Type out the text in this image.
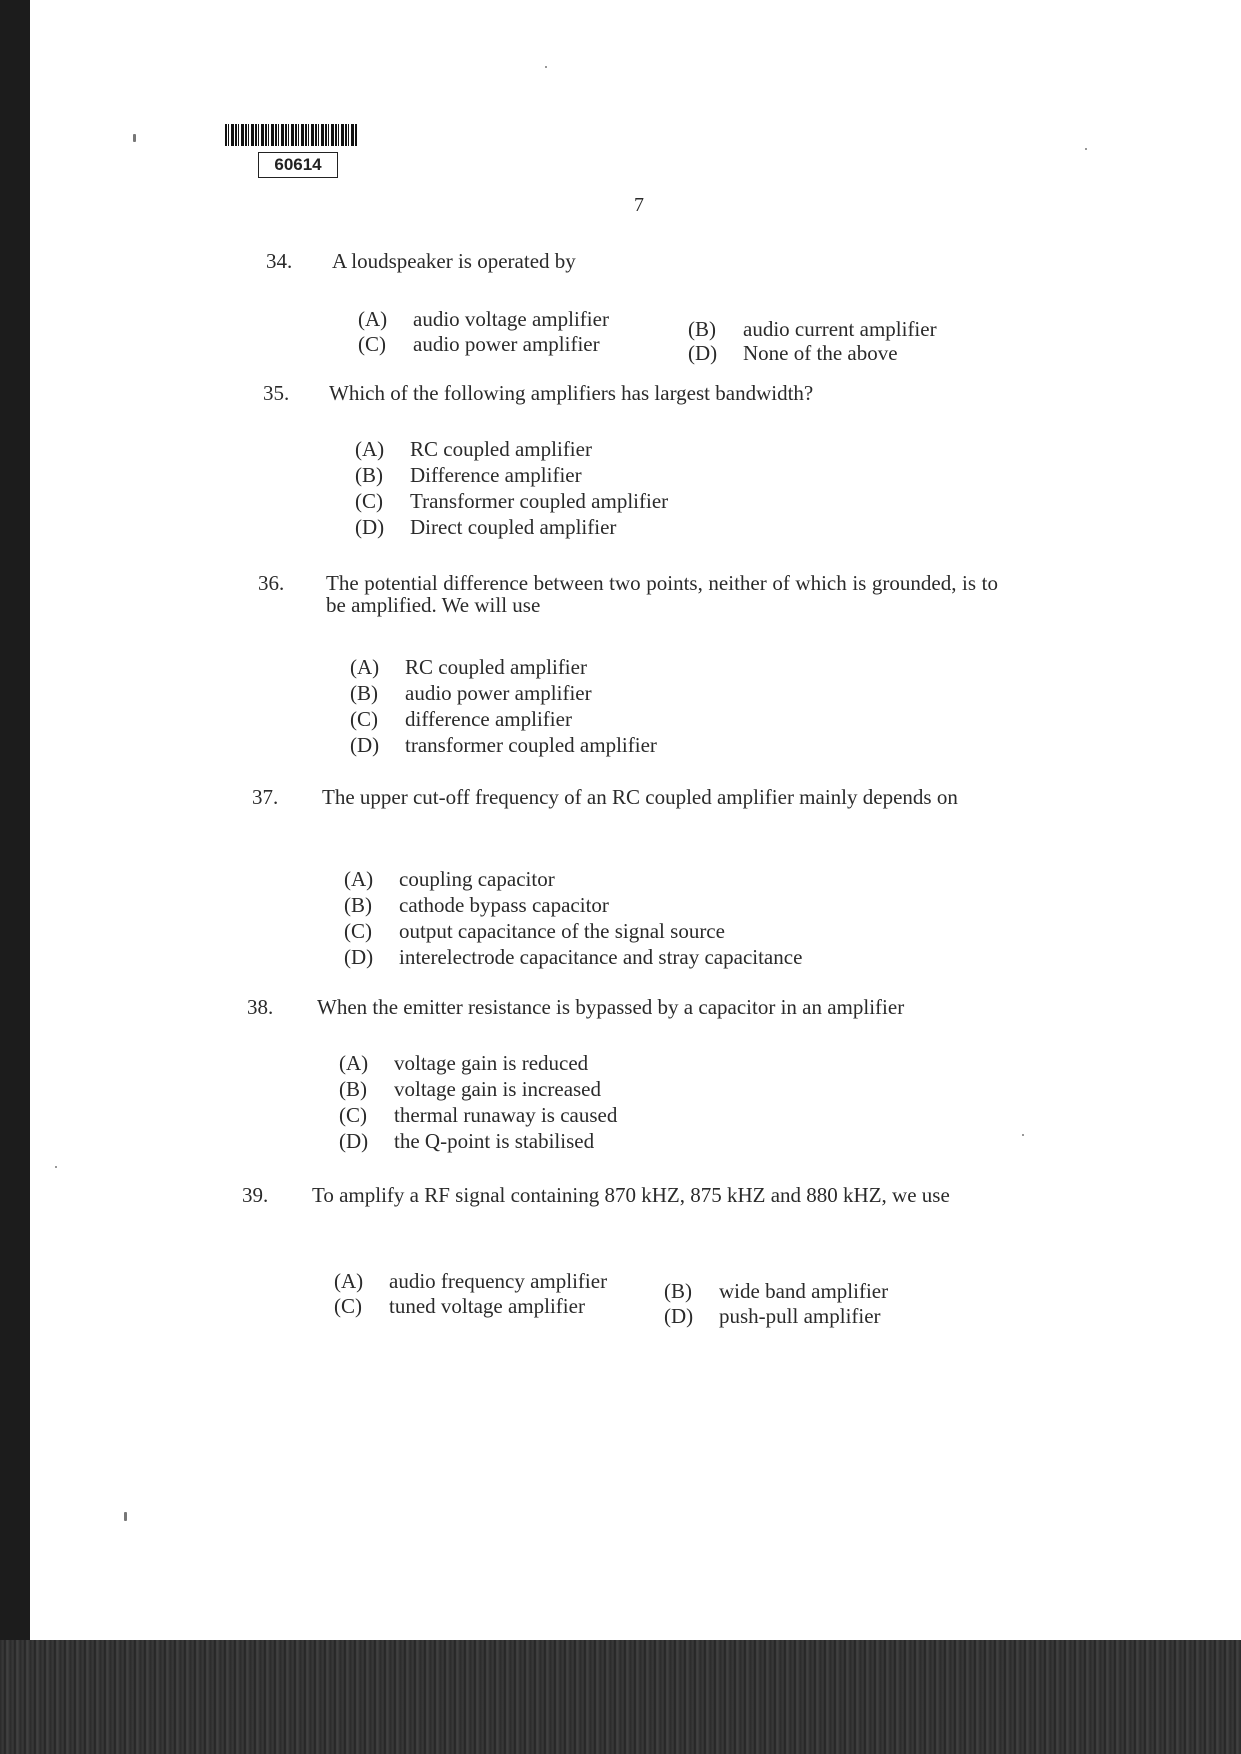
60614
7
34. A loudspeaker is operated by
(A) audio voltage amplifier	(B) audio current amplifier
(C) audio power amplifier	(D) None of the above
35. Which of the following amplifiers has largest bandwidth?
(A) RC coupled amplifier
(B) Difference amplifier
(C) Transformer coupled amplifier
(D) Direct coupled amplifier
36. The potential difference between two points, neither of which is grounded, is to be amplified. We will use
(A) RC coupled amplifier
(B) audio power amplifier
(C) difference amplifier
(D) transformer coupled amplifier
37. The upper cut-off frequency of an RC coupled amplifier mainly depends on
(A) coupling capacitor
(B) cathode bypass capacitor
(C) output capacitance of the signal source
(D) interelectrode capacitance and stray capacitance
38. When the emitter resistance is bypassed by a capacitor in an amplifier
(A) voltage gain is reduced
(B) voltage gain is increased
(C) thermal runaway is caused
(D) the Q-point is stabilised
39. To amplify a RF signal containing 870 kHZ, 875 kHZ and 880 kHZ, we use
(A) audio frequency amplifier	(B) wide band amplifier
(C) tuned voltage amplifier	(D) push-pull amplifier
